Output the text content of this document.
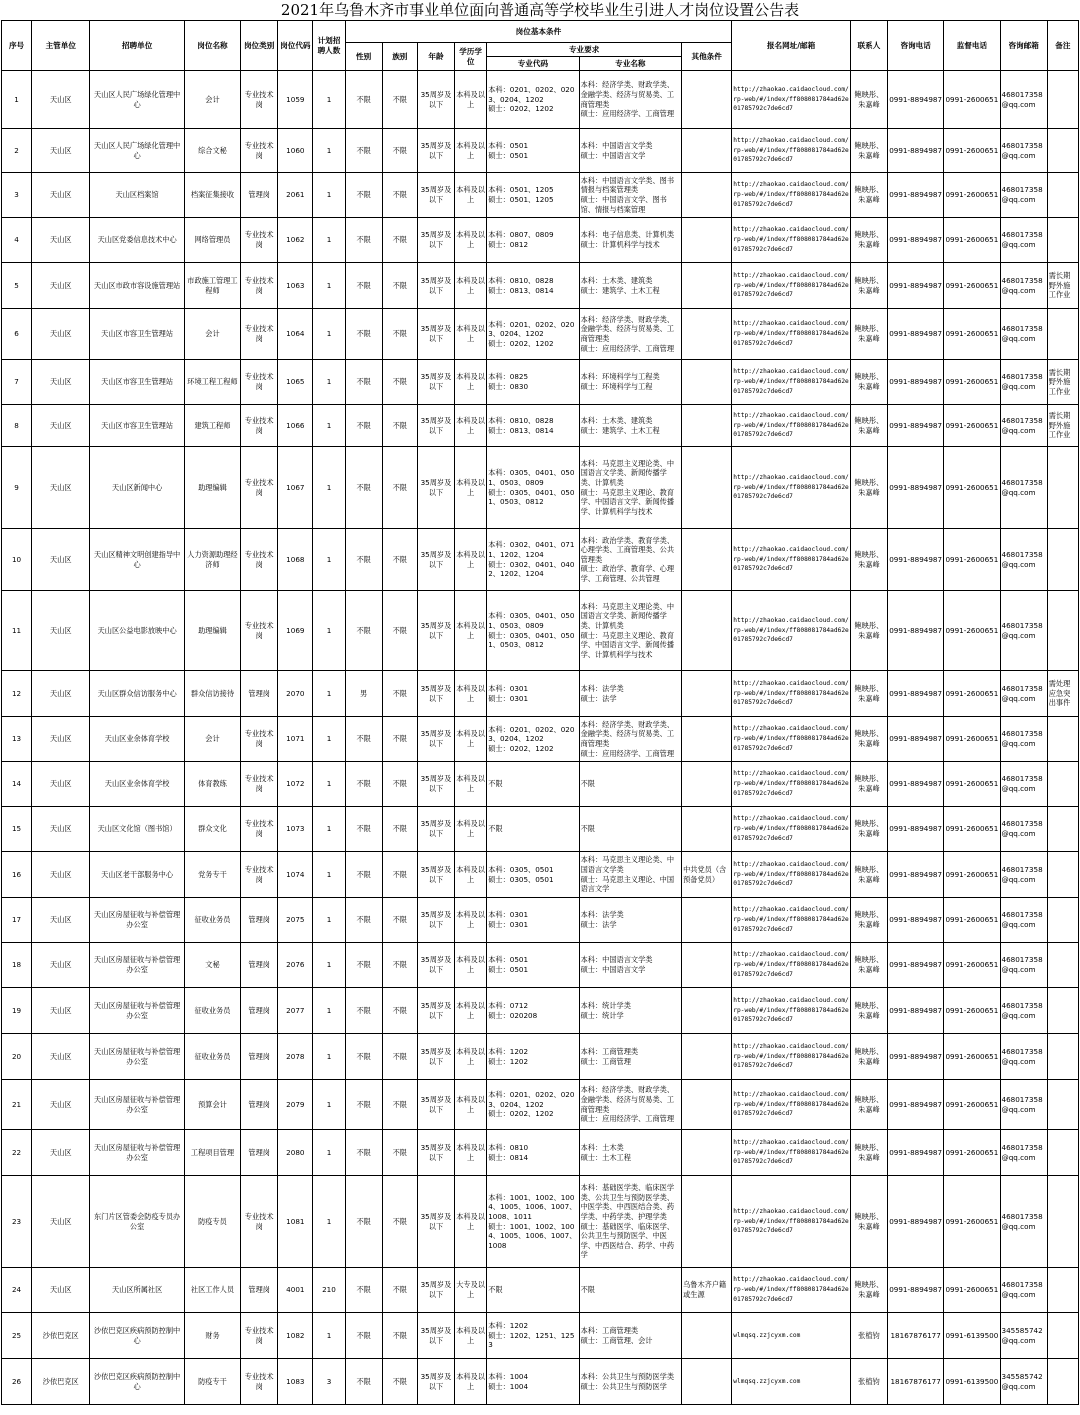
2021年乌鲁木齐市事业单位面向普通高等学校毕业生引进人才岗位设置公告表
序号	主管单位	招聘单位	岗位名称	岗位类别	岗位代码	计划招聘人数	岗位基本条件							报名网址/邮箱	联系人	咨询电话	监督电话	咨询邮箱	备注
							性别	族别	年龄	学历学位	专业要求		其他条件						
											专业代码	专业名称							
1	天山区	天山区人民广场绿化管理中心	会计	专业技术岗	1059	1	不限	不限	35周岁及以下	本科及以上	本科：0201、0202、0203、0204、1202
硕士：0202、1202	本科：经济学类、财政学类、金融学类、经济与贸易类、工商管理类
硕士：应用经济学、工商管理		http://zhaokao.caidaocloud.com/rp-web/#/index/ff808081784ad62e01785792c7de6cd7	鲍映彤、朱嘉峰	0991-8894987	0991-2600651	468017358@qq.com	
2	天山区	天山区人民广场绿化管理中心	综合文秘	专业技术岗	1060	1	不限	不限	35周岁及以下	本科及以上	本科：0501
硕士：0501	本科：中国语言文学类
硕士：中国语言文学		http://zhaokao.caidaocloud.com/rp-web/#/index/ff808081784ad62e01785792c7de6cd7	鲍映彤、朱嘉峰	0991-8894987	0991-2600651	468017358@qq.com	
3	天山区	天山区档案馆	档案征集接收	管理岗	2061	1	不限	不限	35周岁及以下	本科及以上	本科：0501、1205
硕士：0501、1205	本科：中国语言文学类、图书情报与档案管理类
硕士：中国语言文学、图书馆、情报与档案管理		http://zhaokao.caidaocloud.com/rp-web/#/index/ff808081784ad62e01785792c7de6cd7	鲍映彤、朱嘉峰	0991-8894987	0991-2600651	468017358@qq.com	
4	天山区	天山区党委信息技术中心	网络管理员	专业技术岗	1062	1	不限	不限	35周岁及以下	本科及以上	本科：0807、0809
硕士：0812	本科：电子信息类、计算机类
硕士：计算机科学与技术		http://zhaokao.caidaocloud.com/rp-web/#/index/ff808081784ad62e01785792c7de6cd7	鲍映彤、朱嘉峰	0991-8894987	0991-2600651	468017358@qq.com	
5	天山区	天山区市政市容设施管理站	市政施工管理工程师	专业技术岗	1063	1	不限	不限	35周岁及以下	本科及以上	本科：0810、0828
硕士：0813、0814	本科：土木类、建筑类
硕士：建筑学、土木工程		http://zhaokao.caidaocloud.com/rp-web/#/index/ff808081784ad62e01785792c7de6cd7	鲍映彤、朱嘉峰	0991-8894987	0991-2600651	468017358@qq.com	需长期野外施工作业
6	天山区	天山区市容卫生管理站	会计	专业技术岗	1064	1	不限	不限	35周岁及以下	本科及以上	本科：0201、0202、0203、0204、1202
硕士：0202、1202	本科：经济学类、财政学类、金融学类、经济与贸易类、工商管理类
硕士：应用经济学、工商管理		http://zhaokao.caidaocloud.com/rp-web/#/index/ff808081784ad62e01785792c7de6cd7	鲍映彤、朱嘉峰	0991-8894987	0991-2600651	468017358@qq.com	
7	天山区	天山区市容卫生管理站	环境工程工程师	专业技术岗	1065	1	不限	不限	35周岁及以下	本科及以上	本科：0825
硕士：0830	本科：环境科学与工程类
硕士：环境科学与工程		http://zhaokao.caidaocloud.com/rp-web/#/index/ff808081784ad62e01785792c7de6cd7	鲍映彤、朱嘉峰	0991-8894987	0991-2600651	468017358@qq.com	需长期野外施工作业
8	天山区	天山区市容卫生管理站	建筑工程师	专业技术岗	1066	1	不限	不限	35周岁及以下	本科及以上	本科：0810、0828
硕士：0813、0814	本科：土木类、建筑类
硕士：建筑学、土木工程		http://zhaokao.caidaocloud.com/rp-web/#/index/ff808081784ad62e01785792c7de6cd7	鲍映彤、朱嘉峰	0991-8894987	0991-2600651	468017358@qq.com	需长期野外施工作业
9	天山区	天山区新闻中心	助理编辑	专业技术岗	1067	1	不限	不限	35周岁及以下	本科及以上	本科：0305、0401、0501、0503、0809
硕士：0305、0401、0501、0503、0812	本科：马克思主义理论类、中国语言文学类、新闻传播学类、计算机类
硕士：马克思主义理论、教育学、中国语言文学、新闻传播学、计算机科学与技术		http://zhaokao.caidaocloud.com/rp-web/#/index/ff808081784ad62e01785792c7de6cd7	鲍映彤、朱嘉峰	0991-8894987	0991-2600651	468017358@qq.com	
10	天山区	天山区精神文明创建指导中心	人力资源助理经济师	专业技术岗	1068	1	不限	不限	35周岁及以下	本科及以上	本科：0302、0401、0711、1202、1204
硕士：0302、0401、0402、1202、1204	本科：政治学类、教育学类、心理学类、工商管理类、公共管理类
硕士：政治学、教育学、心理学、工商管理、公共管理		http://zhaokao.caidaocloud.com/rp-web/#/index/ff808081784ad62e01785792c7de6cd7	鲍映彤、朱嘉峰	0991-8894987	0991-2600651	468017358@qq.com	
11	天山区	天山区公益电影放映中心	助理编辑	专业技术岗	1069	1	不限	不限	35周岁及以下	本科及以上	本科：0305、0401、0501、0503、0809
硕士：0305、0401、0501、0503、0812	本科：马克思主义理论类、中国语言文学类、新闻传播学类、计算机类
硕士：马克思主义理论、教育学、中国语言文学、新闻传播学、计算机科学与技术		http://zhaokao.caidaocloud.com/rp-web/#/index/ff808081784ad62e01785792c7de6cd7	鲍映彤、朱嘉峰	0991-8894987	0991-2600651	468017358@qq.com	
12	天山区	天山区群众信访服务中心	群众信访接待	管理岗	2070	1	男	不限	35周岁及以下	本科及以上	本科：0301
硕士：0301	本科：法学类
硕士：法学		http://zhaokao.caidaocloud.com/rp-web/#/index/ff808081784ad62e01785792c7de6cd7	鲍映彤、朱嘉峰	0991-8894987	0991-2600651	468017358@qq.com	需处理应急突出事件
13	天山区	天山区业余体育学校	会计	专业技术岗	1071	1	不限	不限	35周岁及以下	本科及以上	本科：0201、0202、0203、0204、1202
硕士：0202、1202	本科：经济学类、财政学类、金融学类、经济与贸易类、工商管理类
硕士：应用经济学、工商管理		http://zhaokao.caidaocloud.com/rp-web/#/index/ff808081784ad62e01785792c7de6cd7	鲍映彤、朱嘉峰	0991-8894987	0991-2600651	468017358@qq.com	
14	天山区	天山区业余体育学校	体育教练	专业技术岗	1072	1	不限	不限	35周岁及以下	本科及以上	不限	不限		http://zhaokao.caidaocloud.com/rp-web/#/index/ff808081784ad62e01785792c7de6cd7	鲍映彤、朱嘉峰	0991-8894987	0991-2600651	468017358@qq.com	
15	天山区	天山区文化馆（图书馆）	群众文化	专业技术岗	1073	1	不限	不限	35周岁及以下	本科及以上	不限	不限		http://zhaokao.caidaocloud.com/rp-web/#/index/ff808081784ad62e01785792c7de6cd7	鲍映彤、朱嘉峰	0991-8894987	0991-2600651	468017358@qq.com	
16	天山区	天山区老干部服务中心	党务专干	专业技术岗	1074	1	不限	不限	35周岁及以下	本科及以上	本科：0305、0501
硕士：0305、0501	本科：马克思主义理论类、中国语言文学类
硕士：马克思主义理论、中国语言文学	中共党员（含预备党员）	http://zhaokao.caidaocloud.com/rp-web/#/index/ff808081784ad62e01785792c7de6cd7	鲍映彤、朱嘉峰	0991-8894987	0991-2600651	468017358@qq.com	
17	天山区	天山区房屋征收与补偿管理办公室	征收业务员	管理岗	2075	1	不限	不限	35周岁及以下	本科及以上	本科：0301
硕士：0301	本科：法学类
硕士：法学		http://zhaokao.caidaocloud.com/rp-web/#/index/ff808081784ad62e01785792c7de6cd7	鲍映彤、朱嘉峰	0991-8894987	0991-2600651	468017358@qq.com	
18	天山区	天山区房屋征收与补偿管理办公室	文秘	管理岗	2076	1	不限	不限	35周岁及以下	本科及以上	本科：0501
硕士：0501	本科：中国语言文学类
硕士：中国语言文学		http://zhaokao.caidaocloud.com/rp-web/#/index/ff808081784ad62e01785792c7de6cd7	鲍映彤、朱嘉峰	0991-8894987	0991-2600651	468017358@qq.com	
19	天山区	天山区房屋征收与补偿管理办公室	征收业务员	管理岗	2077	1	不限	不限	35周岁及以下	本科及以上	本科：0712
硕士：020208	本科：统计学类
硕士：统计学		http://zhaokao.caidaocloud.com/rp-web/#/index/ff808081784ad62e01785792c7de6cd7	鲍映彤、朱嘉峰	0991-8894987	0991-2600651	468017358@qq.com	
20	天山区	天山区房屋征收与补偿管理办公室	征收业务员	管理岗	2078	1	不限	不限	35周岁及以下	本科及以上	本科：1202
硕士：1202	本科：工商管理类
硕士：工商管理		http://zhaokao.caidaocloud.com/rp-web/#/index/ff808081784ad62e01785792c7de6cd7	鲍映彤、朱嘉峰	0991-8894987	0991-2600651	468017358@qq.com	
21	天山区	天山区房屋征收与补偿管理办公室	预算会计	管理岗	2079	1	不限	不限	35周岁及以下	本科及以上	本科：0201、0202、0203、0204、1202
硕士：0202、1202	本科：经济学类、财政学类、金融学类、经济与贸易类、工商管理类
硕士：应用经济学、工商管理		http://zhaokao.caidaocloud.com/rp-web/#/index/ff808081784ad62e01785792c7de6cd7	鲍映彤、朱嘉峰	0991-8894987	0991-2600651	468017358@qq.com	
22	天山区	天山区房屋征收与补偿管理办公室	工程项目管理	管理岗	2080	1	不限	不限	35周岁及以下	本科及以上	本科：0810
硕士：0814	本科：土木类
硕士：土木工程		http://zhaokao.caidaocloud.com/rp-web/#/index/ff808081784ad62e01785792c7de6cd7	鲍映彤、朱嘉峰	0991-8894987	0991-2600651	468017358@qq.com	
23	天山区	东门片区管委会防疫专员办公室	防疫专员	专业技术岗	1081	1	不限	不限	35周岁及以下	本科及以上	本科：1001、1002、1004、1005、1006、1007、1008、1011
硕士：1001、1002、1004、1005、1006、1007、1008	本科：基础医学类、临床医学类、公共卫生与预防医学类、中医学类、中西医结合类、药学类、中药学类、护理学类
硕士：基础医学、临床医学、公共卫生与预防医学、中医学、中西医结合、药学、中药学		http://zhaokao.caidaocloud.com/rp-web/#/index/ff808081784ad62e01785792c7de6cd7	鲍映彤、朱嘉峰	0991-8894987	0991-2600651	468017358@qq.com	
24	天山区	天山区所属社区	社区工作人员	管理岗	4001	210	不限	不限	35周岁及以下	大专及以上	不限	不限	乌鲁木齐户籍或生源	http://zhaokao.caidaocloud.com/rp-web/#/index/ff808081784ad62e01785792c7de6cd7	鲍映彤、朱嘉峰	0991-8894987	0991-2600651	468017358@qq.com	
25	沙依巴克区	沙依巴克区疾病预防控制中心	财务	专业技术岗	1082	1	不限	不限	35周岁及以下	本科及以上	本科：1202
硕士：1202、1251、1253	本科：工商管理类
硕士：工商管理、会计		wlmqsq.zzjcyxm.com	张植钧	18167876177	0991-6139500	345585742@qq.com	
26	沙依巴克区	沙依巴克区疾病预防控制中心	防疫专干	专业技术岗	1083	3	不限	不限	35周岁及以下	本科及以上	本科：1004
硕士：1004	本科：公共卫生与预防医学类
硕士：公共卫生与预防医学		wlmqsq.zzjcyxm.com	张植钧	18167876177	0991-6139500	345585742@qq.com	
